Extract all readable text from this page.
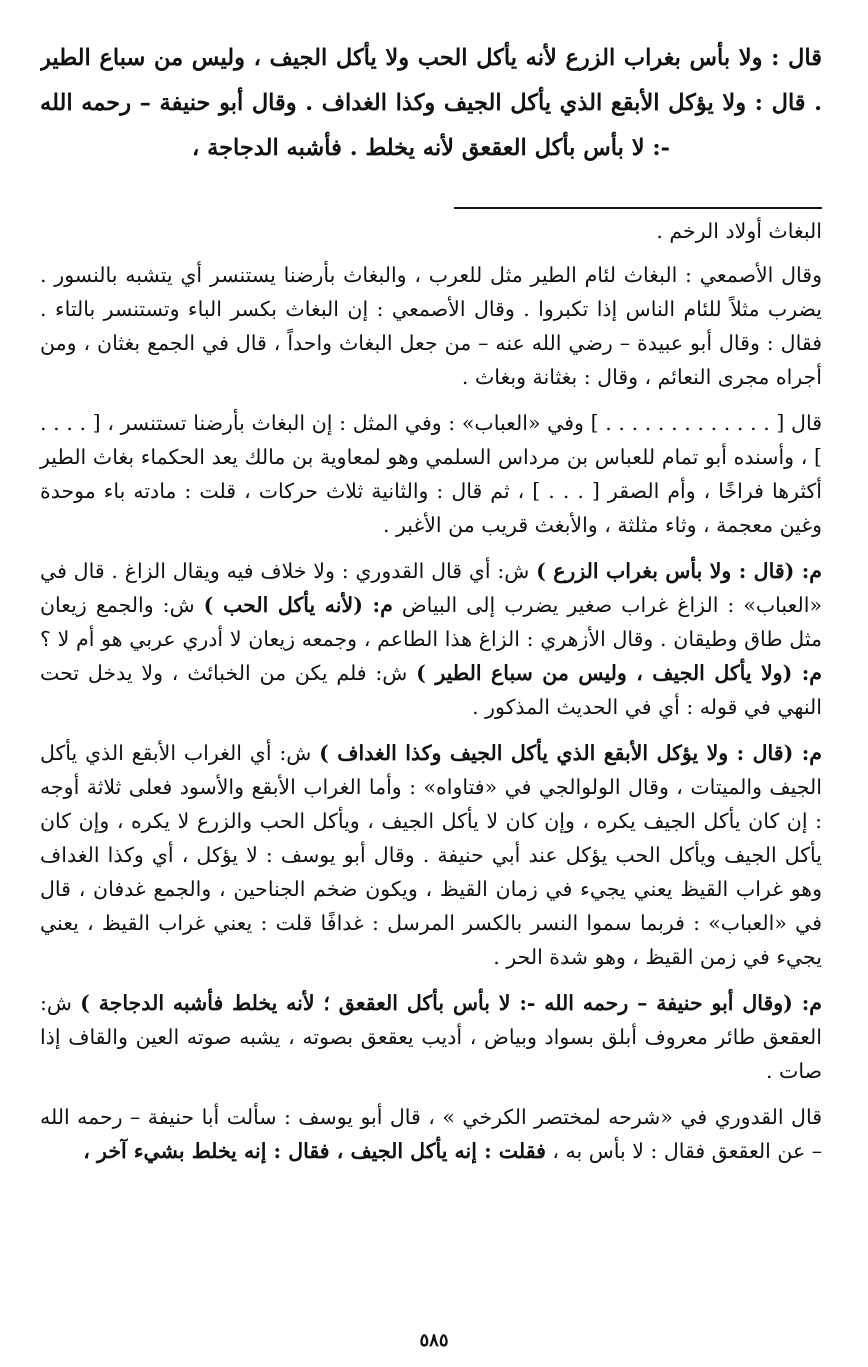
قال : ولا بأس بغراب الزرع لأنه يأكل الحب ولا يأكل الجيف ، وليس من سباع الطير . قال : ولا يؤكل الأبقع الذي يأكل الجيف وكذا الغداف . وقال أبو حنيفة – رحمه الله -: لا بأس بأكل العقعق لأنه يخلط . فأشبه الدجاجة ،

البغاث أولاد الرخم .

وقال الأصمعي : البغاث لئام الطير مثل للعرب ، والبغاث بأرضنا يستنسر أي يتشبه بالنسور . يضرب مثلاً للئام الناس إذا تكبروا . وقال الأصمعي : إن البغاث بكسر الباء وتستنسر بالتاء . فقال : وقال أبو عبيدة – رضي الله عنه – من جعل البغاث واحداً ، قال في الجمع بغثان ، ومن أجراه مجرى النعائم ، وقال : بغثانة وبغاث .

قال [ . . . . . . . . . . . . . ] وفي «العباب» : وفي المثل : إن البغاث بأرضنا تستنسر ، [ . . . . ] ، وأسنده أبو تمام للعباس بن مرداس السلمي وهو لمعاوية بن مالك يعد الحكماء بغاث الطير أكثرها فراخًا ، وأم الصقر [ . . . ] ، ثم قال : والثانية ثلاث حركات ، قلت : مادته باء موحدة وغين معجمة ، وثاء مثلثة ، والأبغث قريب من الأغبر .

م: (قال : ولا بأس بغراب الزرع ) ش: أي قال القدوري : ولا خلاف فيه ويقال الزاغ . قال في «العباب» : الزاغ غراب صغير يضرب إلى البياض م: (لأنه يأكل الحب ) ش: والجمع زيعان مثل طاق وطيقان . وقال الأزهري : الزاغ هذا الطاعم ، وجمعه زيعان لا أدري عربي هو أم لا ؟ م: (ولا يأكل الجيف ، وليس من سباع الطير ) ش: فلم يكن من الخبائث ، ولا يدخل تحت النهي في قوله : أي في الحديث المذكور .

م: (قال : ولا يؤكل الأبقع الذي يأكل الجيف وكذا الغداف ) ش: أي الغراب الأبقع الذي يأكل الجيف والميتات ، وقال الولوالجي في «فتاواه» : وأما الغراب الأبقع والأسود فعلى ثلاثة أوجه : إن كان يأكل الجيف يكره ، وإن كان لا يأكل الجيف ، ويأكل الحب والزرع لا يكره ، وإن كان يأكل الجيف ويأكل الحب يؤكل عند أبي حنيفة . وقال أبو يوسف : لا يؤكل ، أي وكذا الغداف وهو غراب القيظ يعني يجيء في زمان القيظ ، ويكون ضخم الجناحين ، والجمع غدفان ، قال في «العباب» : فربما سموا النسر بالكسر المرسل : غدافًا قلت : يعني غراب القيظ ، يعني يجيء في زمن القيظ ، وهو شدة الحر .

م: (وقال أبو حنيفة – رحمه الله -: لا بأس بأكل العقعق ؛ لأنه يخلط فأشبه الدجاجة ) ش: العقعق طائر معروف أبلق بسواد وبياض ، أديب يعقعق بصوته ، يشبه صوته العين والقاف إذا صات .

قال القدوري في «شرحه لمختصر الكرخي » ، قال أبو يوسف : سألت أبا حنيفة – رحمه الله – عن العقعق فقال : لا بأس به ، فقلت : إنه يأكل الجيف ، فقال : إنه يخلط بشيء آخر ،

٥٨٥
